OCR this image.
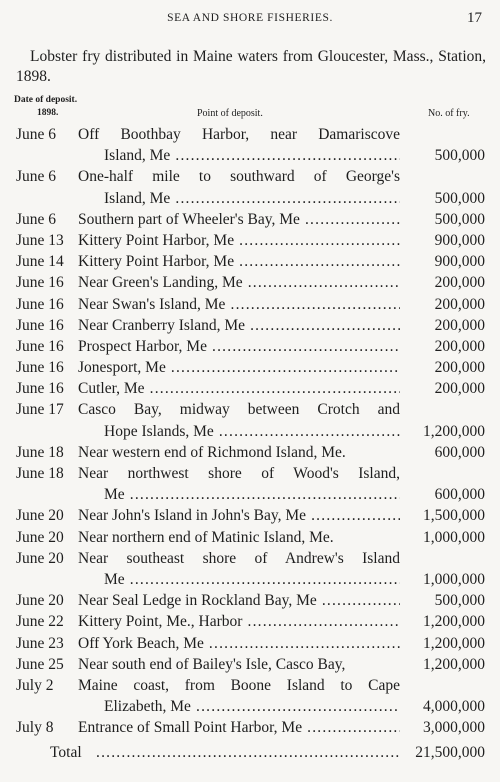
SEA AND SHORE FISHERIES.	17
Lobster fry distributed in Maine waters from Gloucester, Mass., Station, 1898.
Date of deposit.
1898.	Point of deposit.	No. of fry.
June 6	Off Boothbay Harbor, near Damariscove
Island, Me .....	500,000
June 6	One-half mile to southward of George's
Island, Me .....	500,000
June 6	Southern part of Wheeler's Bay, Me .....	500,000
June 13 Kittery Point Harbor, Me .....	900,000
June 14 Kittery Point Harbor, Me .....	900,000
June 16 Near Green's Landing, Me .....	200,000
June 16 Near Swan's Island, Me .....	200,000
June 16 Near Cranberry Island, Me .....	200,000
June 16 Prospect Harbor, Me .....	200,000
June 16 Jonesport, Me .....	200,000
June 16 Cutler, Me .....	200,000
June 17 Casco Bay, midway between Crotch and
Hope Islands, Me .....	1,200,000
June 18 Near western end of Richmond Island, Me.	600,000
June 18 Near northwest shore of Wood's Island,
Me .....	600,000
June 20 Near John's Island in John's Bay, Me .....	1,500,000
June 20 Near northern end of Matinic Island, Me.	1,000,000
June 20 Near southeast shore of Andrew's Island
Me .....	1,000,000
June 20 Near Seal Ledge in Rockland Bay, Me .....	500,000
June 22 Kittery Point, Me., Harbor .....	1,200,000
June 23 Off York Beach, Me .....	1,200,000
June 25 Near south end of Bailey's Isle, Casco Bay,	1,200,000
July 2	Maine coast, from Boone Island to Cape
Elizabeth, Me .....	4,000,000
July 8	Entrance of Small Point Harbor, Me .....	3,000,000
Total
.....	21,500,000
